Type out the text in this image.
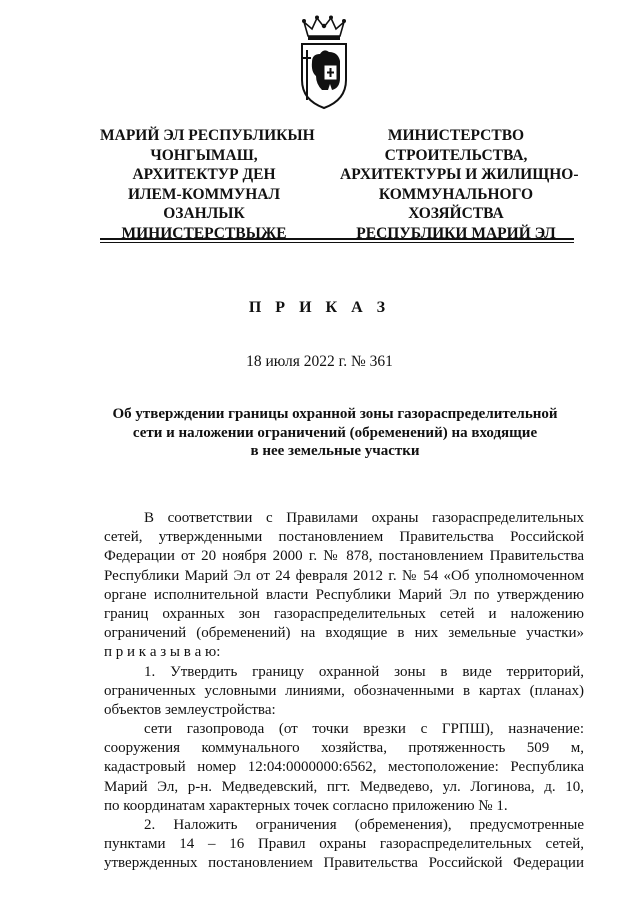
МАРИЙ ЭЛ РЕСПУБЛИКЫН
ЧОНГЫМАШ,
АРХИТЕКТУР ДЕН
ИЛЕМ-КОММУНАЛ
ОЗАНЛЫК
МИНИСТЕРСТВЫЖЕ
МИНИСТЕРСТВО
СТРОИТЕЛЬСТВА,
АРХИТЕКТУРЫ И ЖИЛИЩНО-
КОММУНАЛЬНОГО
ХОЗЯЙСТВА
РЕСПУБЛИКИ МАРИЙ ЭЛ
П Р И К А З
18 июля 2022 г. № 361
Об утверждении границы охранной зоны газораспределительной
сети и наложении ограничений (обременений) на входящие
в нее земельные участки
В соответствии с Правилами охраны газораспределительных
сетей, утвержденными постановлением Правительства Российской
Федерации от 20 ноября 2000 г. № 878, постановлением Правительства
Республики Марий Эл от 24 февраля 2012 г. № 54 «Об уполномоченном
органе исполнительной власти Республики Марий Эл по утверждению
границ охранных зон газораспределительных сетей и наложению
ограничений (обременений) на входящие в них земельные участки»
п р и к а з ы в а ю:
1. Утвердить границу охранной зоны в виде территорий,
ограниченных условными линиями, обозначенными в картах (планах)
объектов землеустройства:
сети газопровода (от точки врезки с ГРПШ), назначение:
сооружения коммунального хозяйства, протяженность 509 м,
кадастровый номер 12:04:0000000:6562, местоположение: Республика
Марий Эл, р-н. Медведевский, пгт. Медведево, ул. Логинова, д. 10,
по координатам характерных точек согласно приложению № 1.
2. Наложить ограничения (обременения), предусмотренные
пунктами 14 – 16 Правил охраны газораспределительных сетей,
утвержденных постановлением Правительства Российской Федерации
